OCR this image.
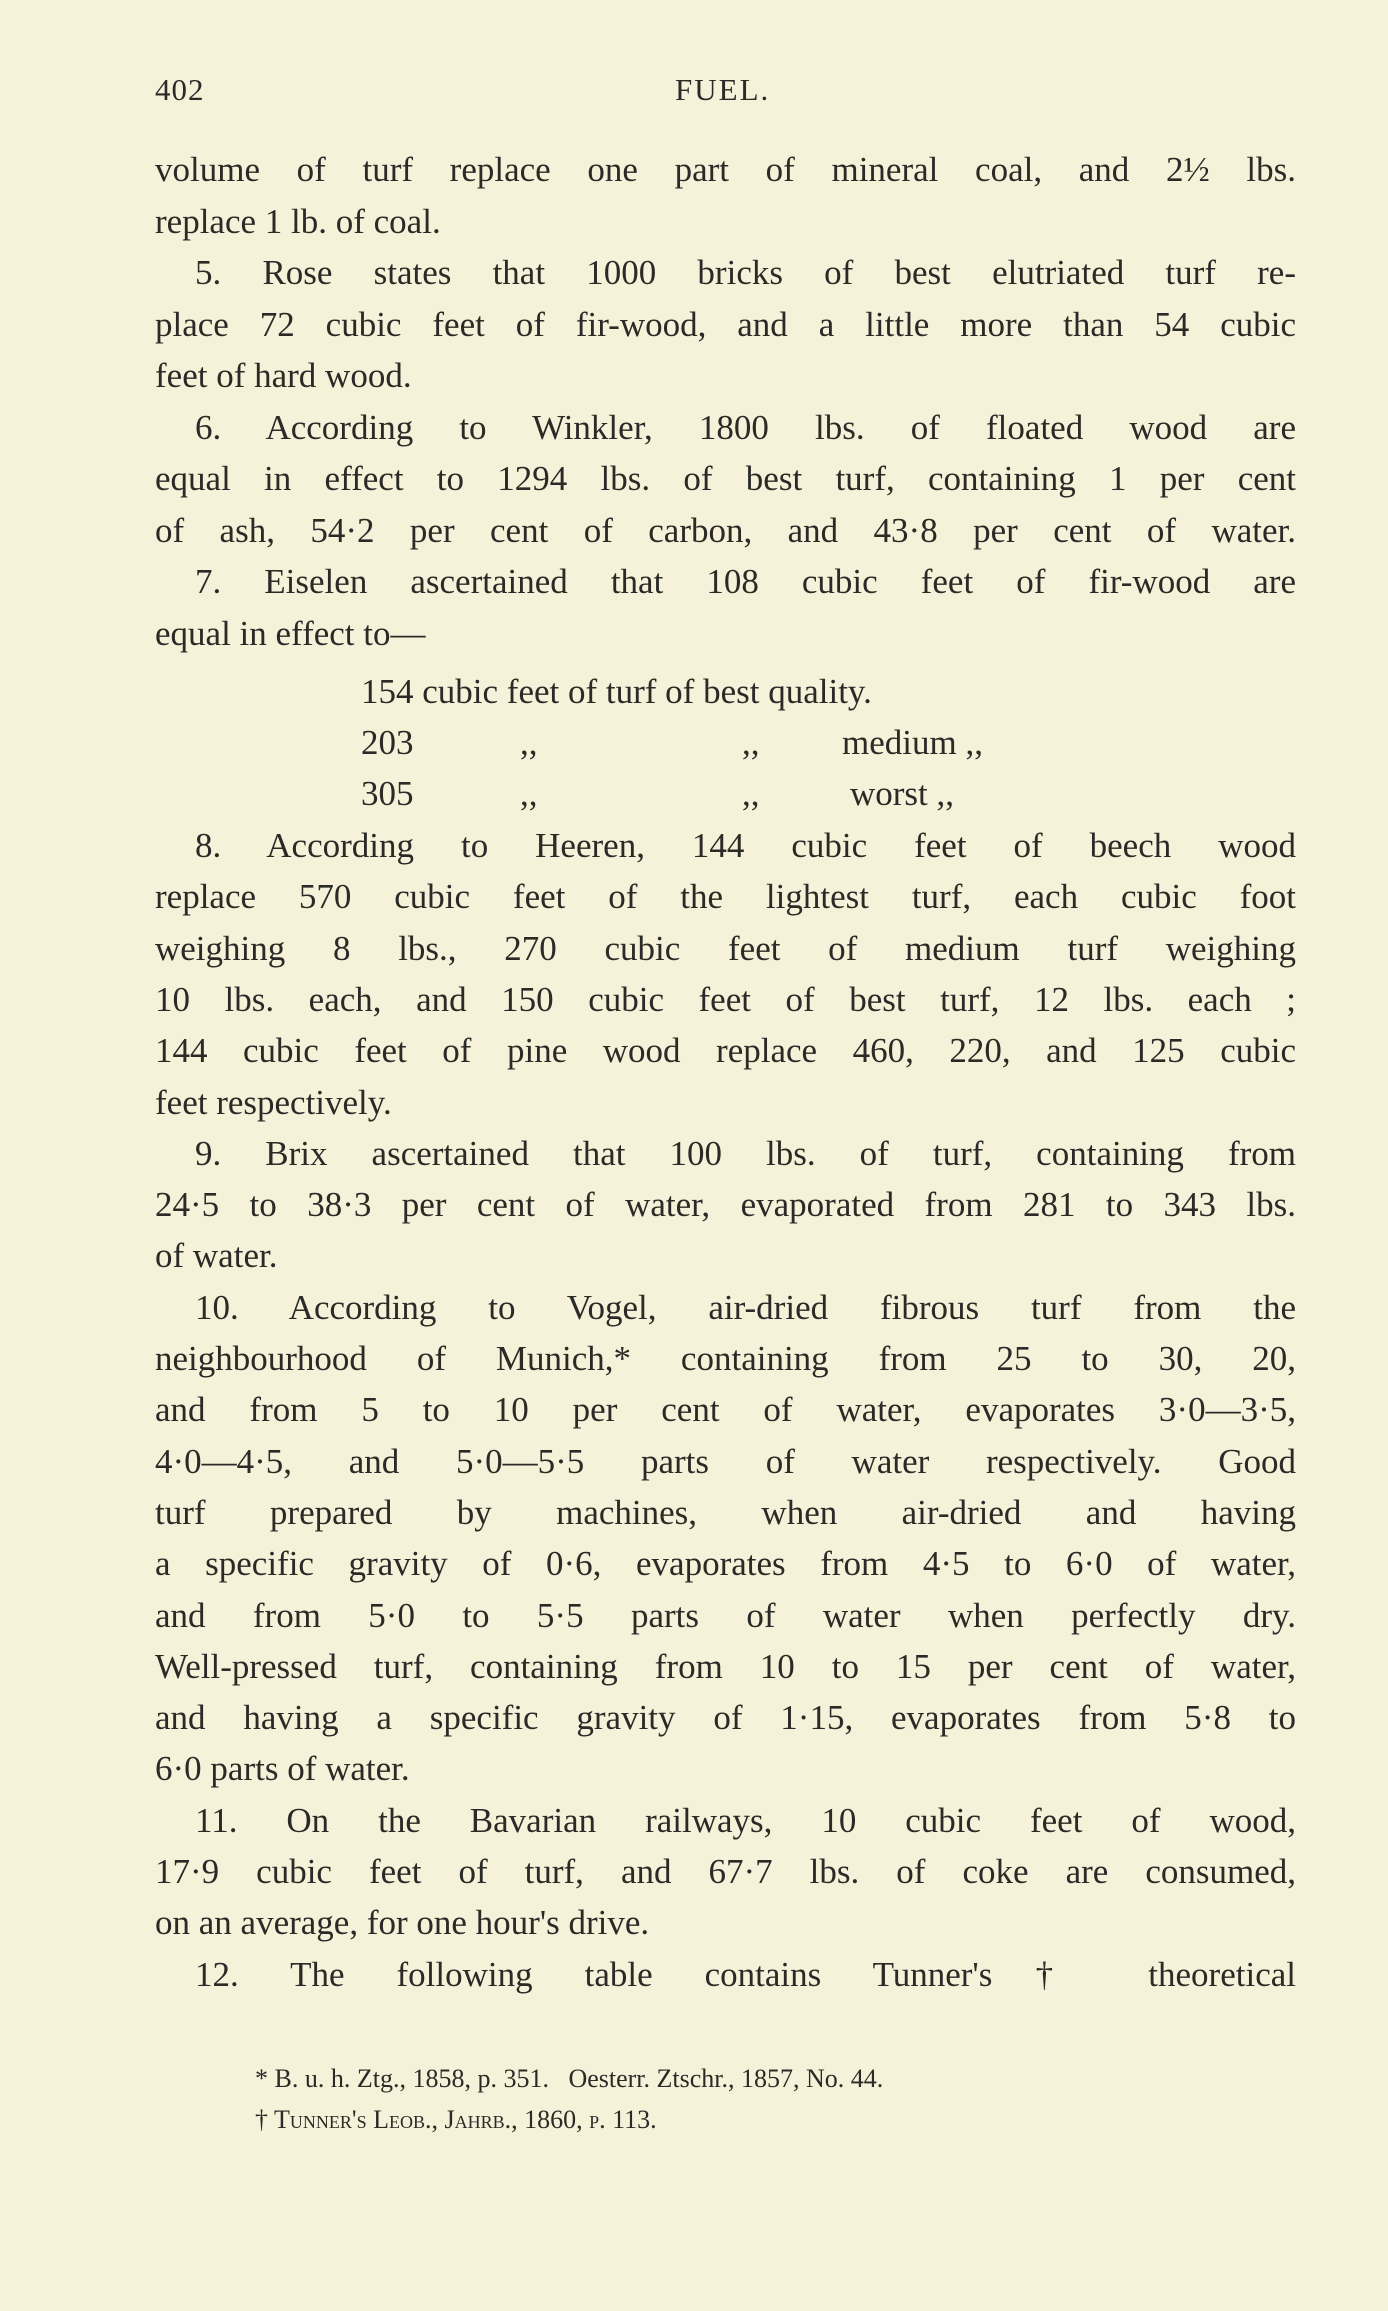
402	FUEL.
volume of turf replace one part of mineral coal, and 2½ lbs.
replace 1 lb. of coal.
5. Rose states that 1000 bricks of best elutriated turf re-
place 72 cubic feet of fir-wood, and a little more than 54 cubic
feet of hard wood.
6. According to Winkler, 1800 lbs. of floated wood are
equal in effect to 1294 lbs. of best turf, containing 1 per cent
of ash, 54·2 per cent of carbon, and 43·8 per cent of water.
7. Eiselen ascertained that 108 cubic feet of fir-wood are
equal in effect to—
154 cubic feet of turf of best quality.
203	,,	,, medium ,,
305	,,	,,	worst ,,
8. According to Heeren, 144 cubic feet of beech wood
replace 570 cubic feet of the lightest turf, each cubic foot
weighing 8 lbs., 270 cubic feet of medium turf weighing
10 lbs. each, and 150 cubic feet of best turf, 12 lbs. each ;
144 cubic feet of pine wood replace 460, 220, and 125 cubic
feet respectively.
9. Brix ascertained that 100 lbs. of turf, containing from
24·5 to 38·3 per cent of water, evaporated from 281 to 343 lbs.
of water.
10. According to Vogel, air-dried fibrous turf from the
neighbourhood of Munich,* containing from 25 to 30, 20,
and from 5 to 10 per cent of water, evaporates 3·0—3·5,
4·0—4·5, and 5·0—5·5 parts of water respectively. Good
turf prepared by machines, when air-dried and having
a specific gravity of 0·6, evaporates from 4·5 to 6·0 of water,
and from 5·0 to 5·5 parts of water when perfectly dry.
Well-pressed turf, containing from 10 to 15 per cent of water,
and having a specific gravity of 1·15, evaporates from 5·8 to
6·0 parts of water.
11. On the Bavarian railways, 10 cubic feet of wood,
17·9 cubic feet of turf, and 67·7 lbs. of coke are consumed,
on an average, for one hour's drive.
12. The following table contains Tunner's† theoretical
* B. u. h. Ztg., 1858, p. 351.   Oesterr. Ztschr., 1857, No. 44.
† Tunner's Leob., Jahrb., 1860, p. 113.
